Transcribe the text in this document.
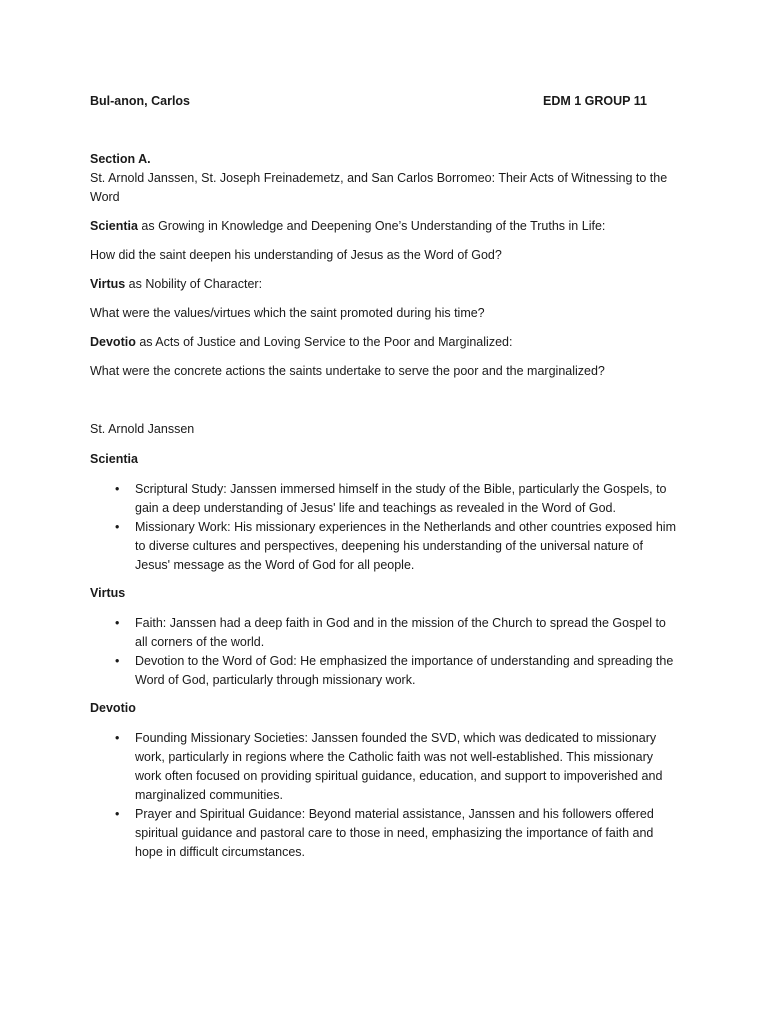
Bul-anon, Carlos	EDM 1 GROUP 11

Section A.

St. Arnold Janssen, St. Joseph Freinademetz, and San Carlos Borromeo: Their Acts of Witnessing to the Word

Scientia as Growing in Knowledge and Deepening One’s Understanding of the Truths in Life:

How did the saint deepen his understanding of Jesus as the Word of God?

Virtus as Nobility of Character:

What were the values/virtues which the saint promoted during his time?

Devotio as Acts of Justice and Loving Service to the Poor and Marginalized:

What were the concrete actions the saints undertake to serve the poor and the marginalized?

St. Arnold Janssen

Scientia

• Scriptural Study: Janssen immersed himself in the study of the Bible, particularly the Gospels, to gain a deep understanding of Jesus' life and teachings as revealed in the Word of God.
• Missionary Work: His missionary experiences in the Netherlands and other countries exposed him to diverse cultures and perspectives, deepening his understanding of the universal nature of Jesus' message as the Word of God for all people.

Virtus

• Faith: Janssen had a deep faith in God and in the mission of the Church to spread the Gospel to all corners of the world.
• Devotion to the Word of God: He emphasized the importance of understanding and spreading the Word of God, particularly through missionary work.

Devotio

• Founding Missionary Societies: Janssen founded the SVD, which was dedicated to missionary work, particularly in regions where the Catholic faith was not well-established. This missionary work often focused on providing spiritual guidance, education, and support to impoverished and marginalized communities.
• Prayer and Spiritual Guidance: Beyond material assistance, Janssen and his followers offered spiritual guidance and pastoral care to those in need, emphasizing the importance of faith and hope in difficult circumstances.
